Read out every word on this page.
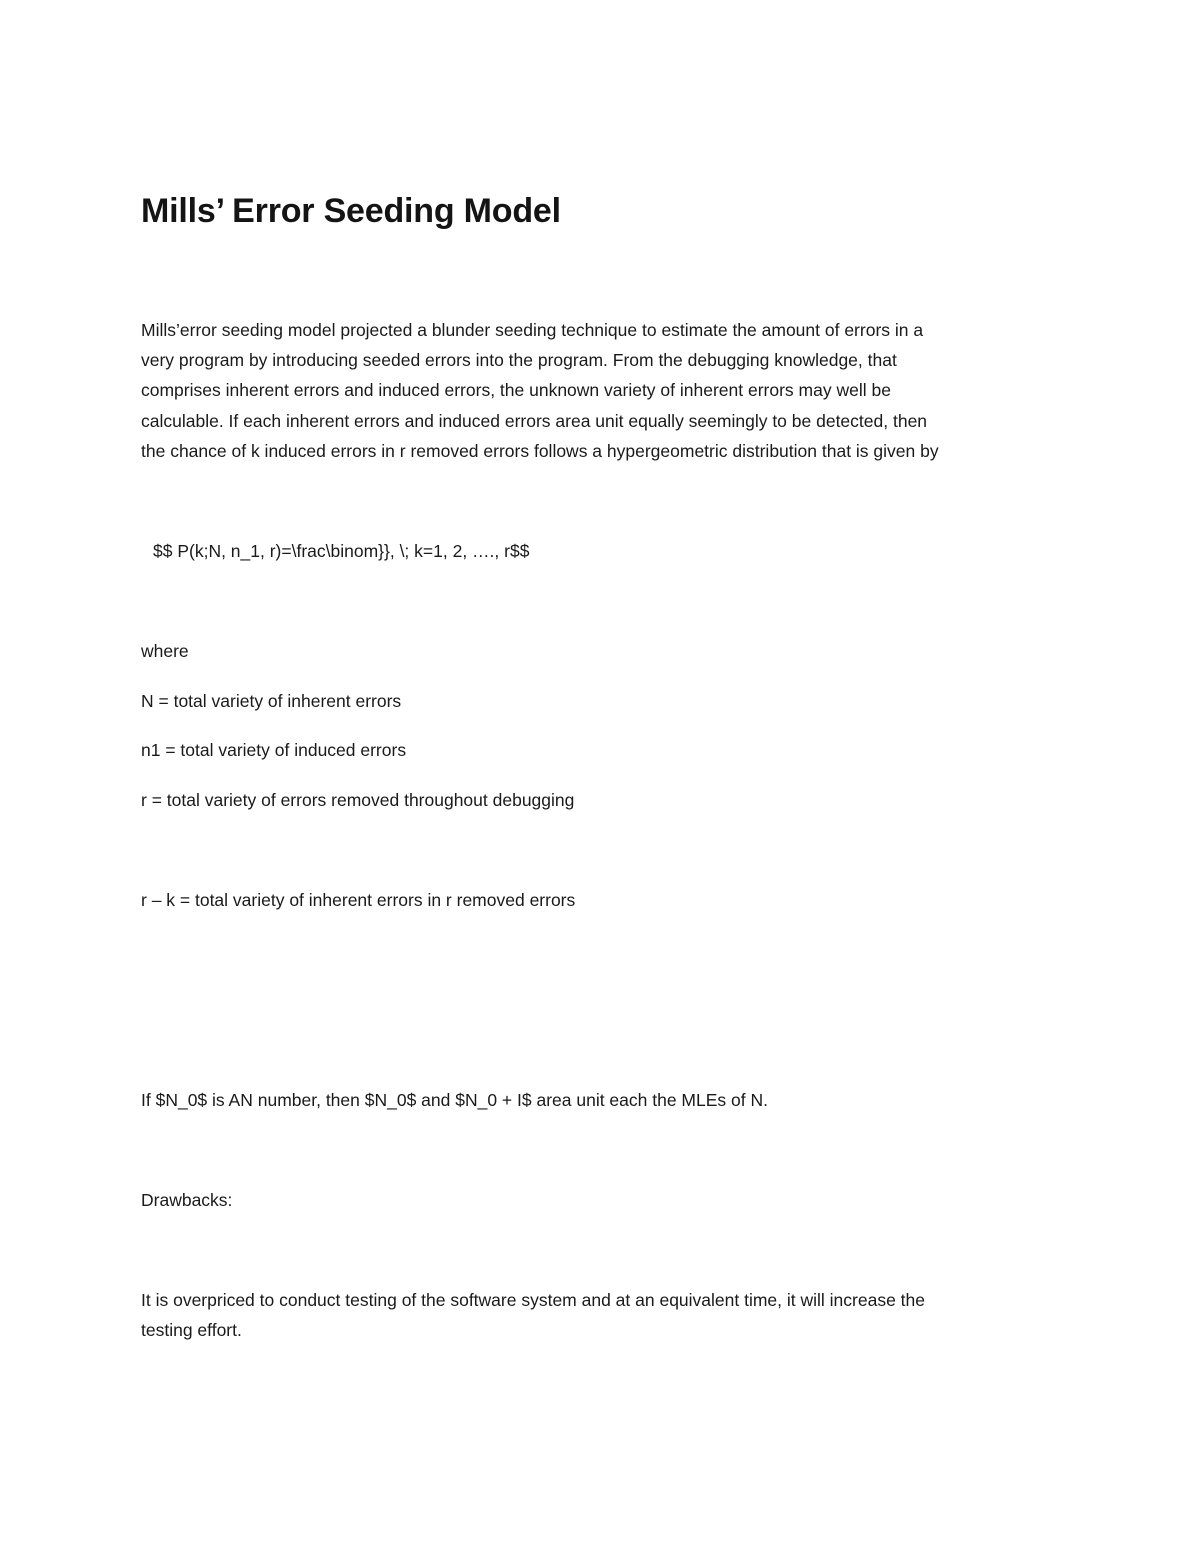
Mills’ Error Seeding Model

Mills’error seeding model projected a blunder seeding technique to estimate the amount of errors in a

very program by introducing seeded errors into the program. From the debugging knowledge, that

comprises inherent errors and induced errors, the unknown variety of inherent errors may well be

calculable. If each inherent errors and induced errors area unit equally seemingly to be detected, then

the chance of k induced errors in r removed errors follows a hypergeometric distribution that is given by

$$ P(k;N, n_1, r)=\frac\binom}}, \; k=1, 2, …., r$$

where

N = total variety of inherent errors

n1 = total variety of induced errors

r = total variety of errors removed throughout debugging

r – k = total variety of inherent errors in r removed errors

If $N_0$ is AN number, then $N_0$ and $N_0 + I$ area unit each the MLEs of N.

Drawbacks:

It is overpriced to conduct testing of the software system and at an equivalent time, it will increase the

testing effort.
